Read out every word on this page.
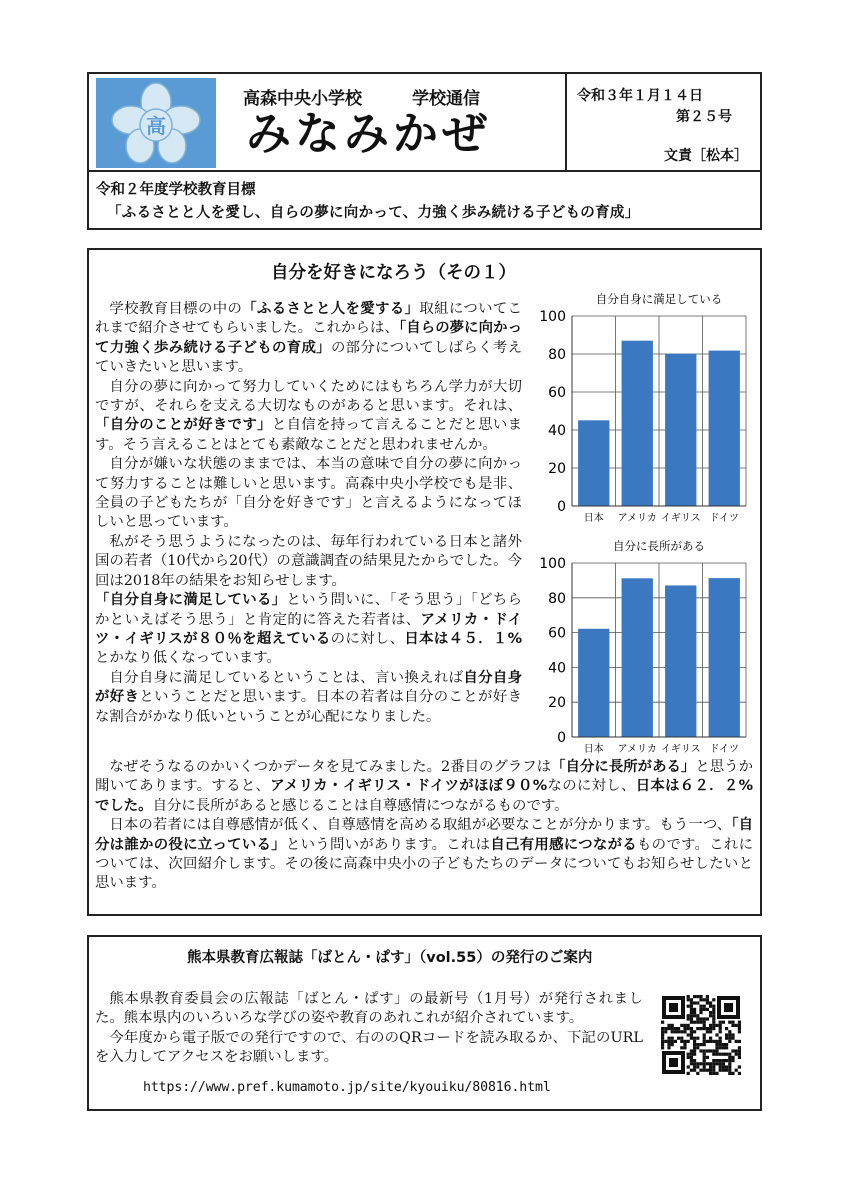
高
高森中央小学校	学校通信
みなみかぜ
令和３年１月１４日
第２５号
文責［松本］
令和２年度学校教育目標
「ふるさとと人を愛し、自らの夢に向かって、力強く歩み続ける子どもの育成」
自分を好きになろう（その１）

学校教育目標の中の「ふるさとと人を愛する」取組についてこれまで紹介させてもらいました。これからは、「自らの夢に向かって力強く歩み続ける子どもの育成」の部分についてしばらく考えていきたいと思います。

自分の夢に向かって努力していくためにはもちろん学力が大切ですが、それらを支える大切なものがあると思います。それは、「自分のことが好きです」と自信を持って言えることだと思います。そう言えることはとても素敵なことだと思われませんか。

自分が嫌いな状態のままでは、本当の意味で自分の夢に向かって努力することは難しいと思います。高森中央小学校でも是非、全員の子どもたちが「自分を好きです」と言えるようになってほしいと思っています。

私がそう思うようになったのは、毎年行われている日本と諸外国の若者（10代から20代）の意識調査の結果見たからでした。今回は2018年の結果をお知らせします。

「自分自身に満足している」という問いに、「そう思う」「どちらかといえばそう思う」と肯定的に答えた若者は、アメリカ・ドイツ・イギリスが８０％を超えているのに対し、日本は４５．１%とかなり低くなっています。

自分自身に満足しているということは、言い換えれば自分自身が好きということだと思います。日本の若者は自分のことが好きな割合がかなり低いということが心配になりました。

なぜそうなるのかいくつかデータを見てみました。2番目のグラフは「自分に長所がある」と思うか聞いてあります。すると、アメリカ・イギリス・ドイツがほぼ９０%なのに対し、日本は６２．２%でした。自分に長所があると感じることは自尊感情につながるものです。

日本の若者には自尊感情が低く、自尊感情を高める取組が必要なことが分かります。もう一つ、「自分は誰かの役に立っている」という問いがあります。これは自己有用感につながるものです。これについては、次回紹介します。その後に高森中央小の子どもたちのデータについてもお知らせしたいと思います。

自分自身に満足している
0
20
40
60
80
100
日本 アメリカ イギリス ドイツ
自分に長所がある
0
20
40
60
80
100
日本 アメリカ イギリス ドイツ
熊本県教育広報誌「ばとん・ぱす」（vol.55）の発行のご案内

熊本県教育委員会の広報誌「ばとん・ぱす」の最新号（1月号）が発行されました。熊本県内のいろいろな学びの姿や教育のあれこれが紹介されています。

今年度から電子版での発行ですので、右ののQRコードを読み取るか、下記のURLを入力してアクセスをお願いします。

https://www.pref.kumamoto.jp/site/kyouiku/80816.html
